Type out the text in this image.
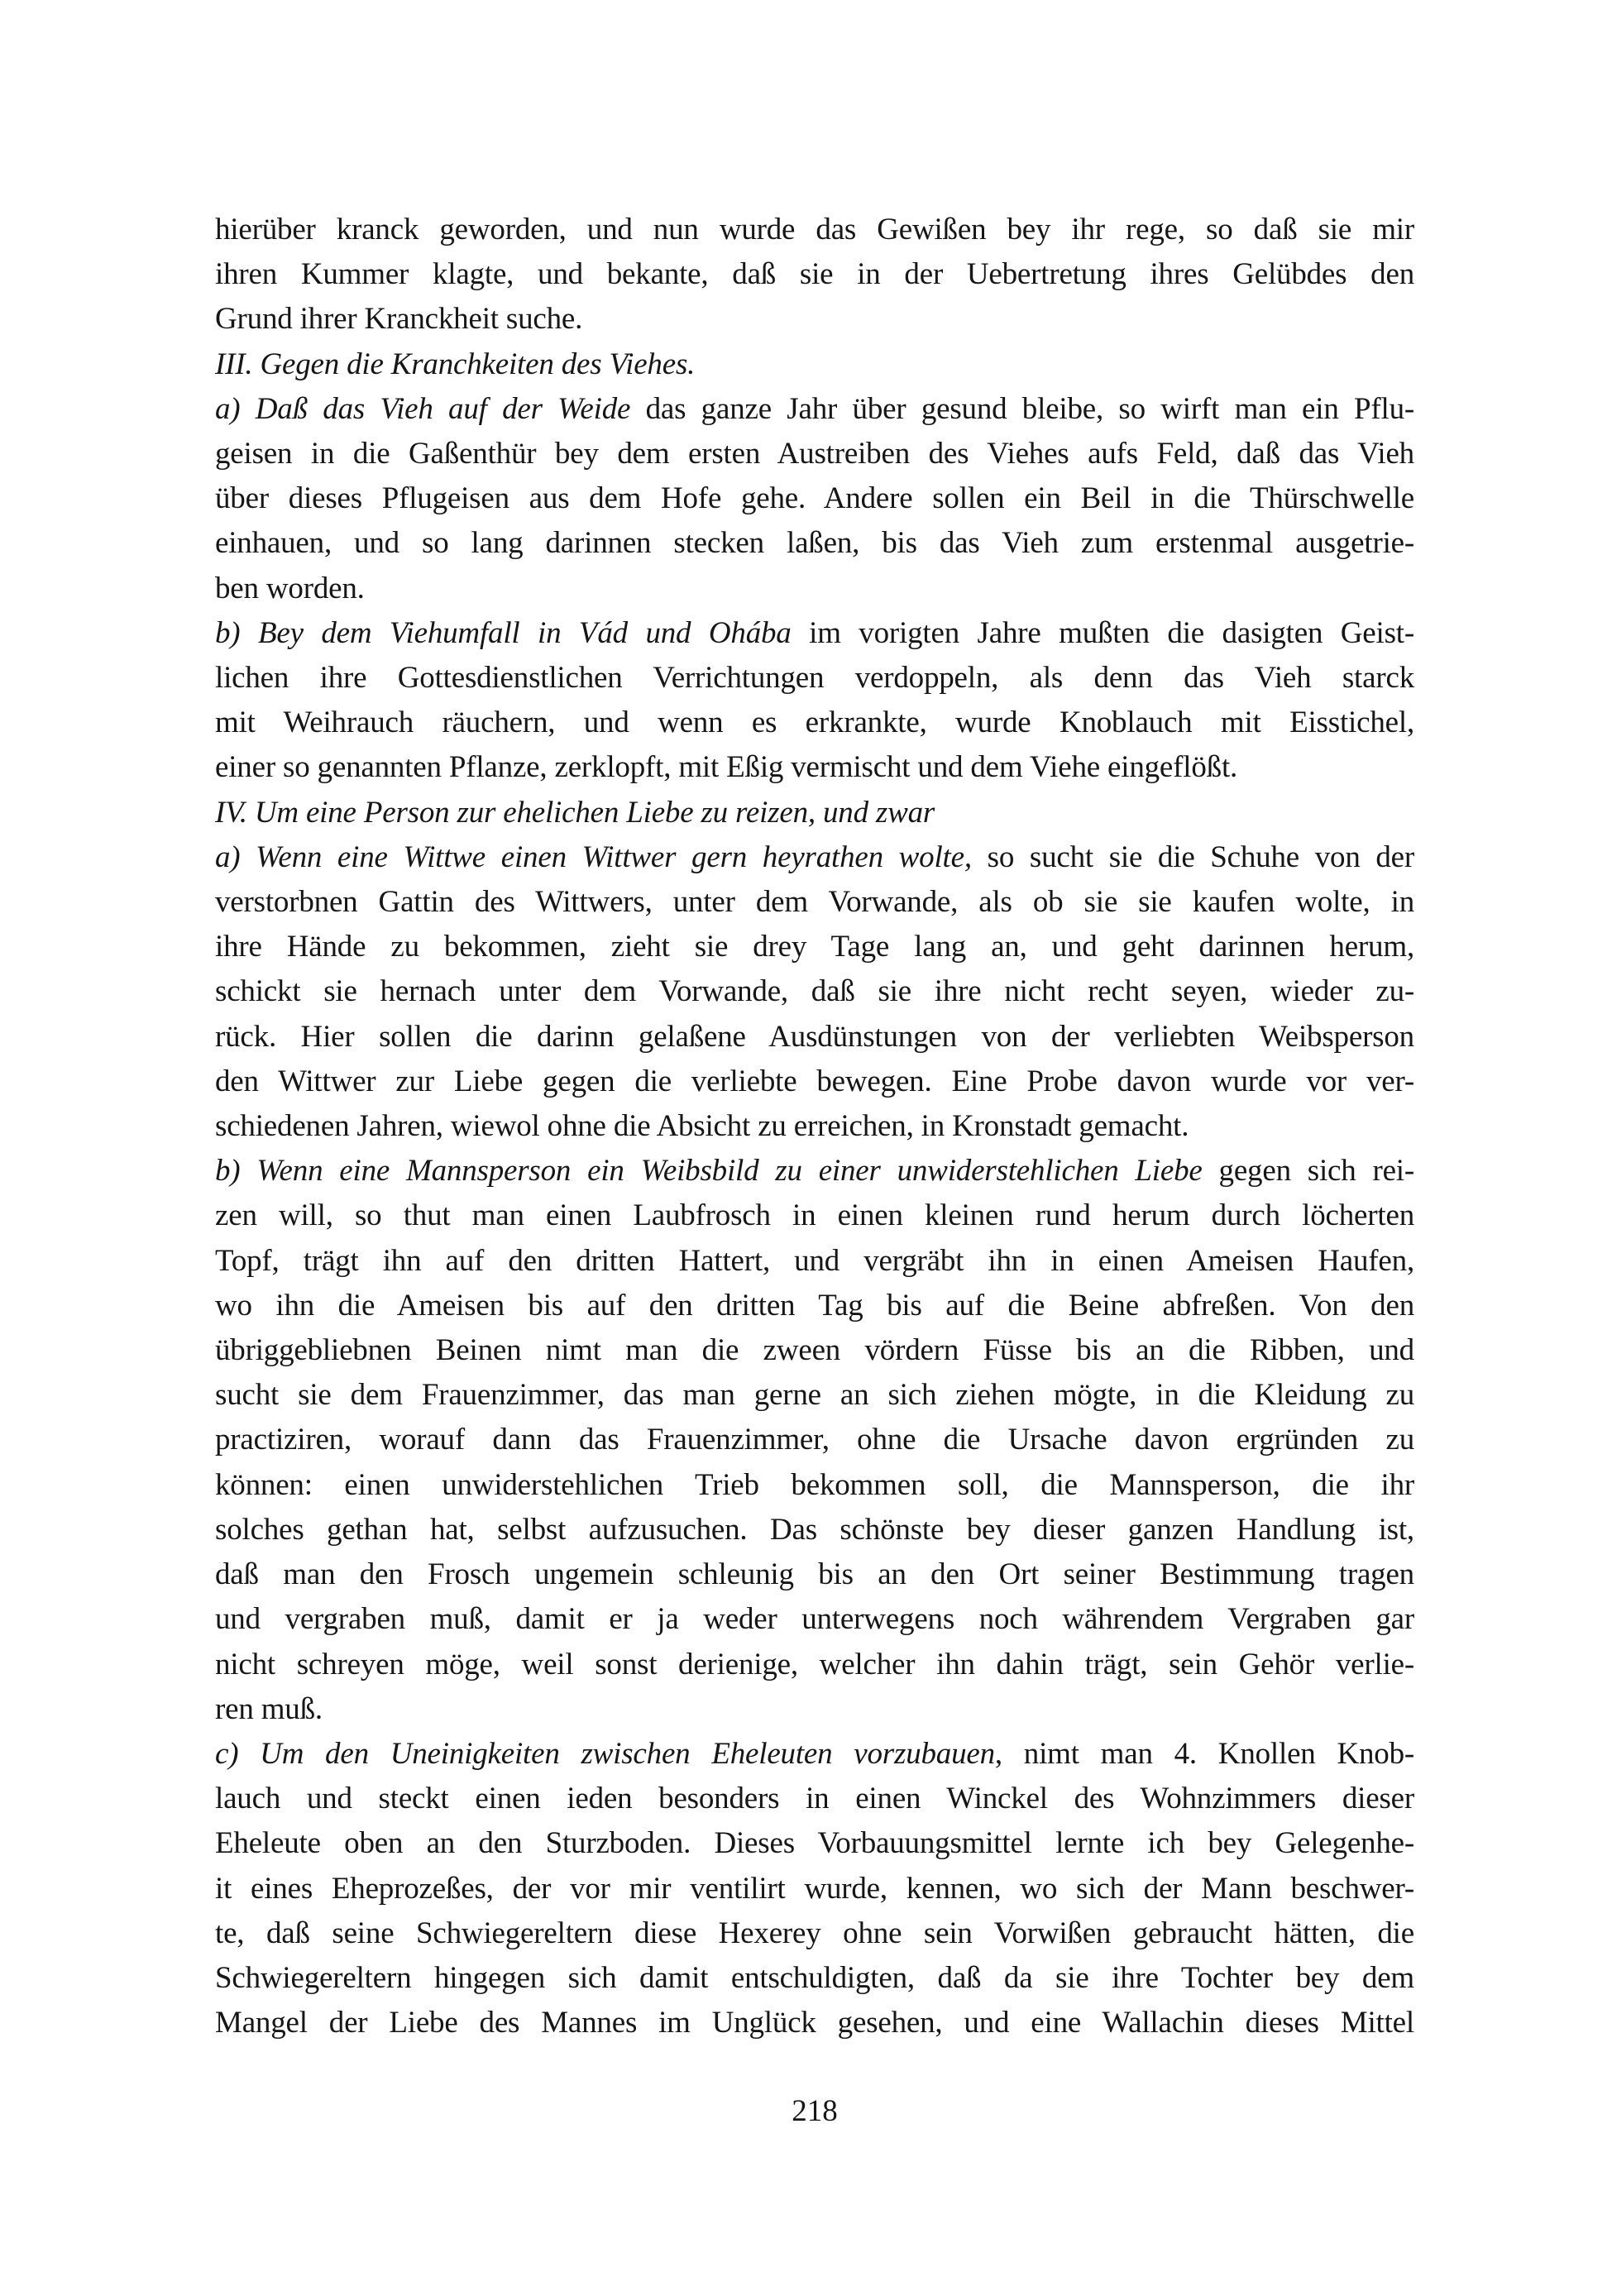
hierüber kranck geworden, und nun wurde das Gewißen bey ihr rege, so daß sie mir
ihren Kummer klagte, und bekante, daß sie in der Uebertretung ihres Gelübdes den
Grund ihrer Kranckheit suche.
III. Gegen die Kranchkeiten des Viehes.
a) Daß das Vieh auf der Weide das ganze Jahr über gesund bleibe, so wirft man ein Pflu-
geisen in die Gaßenthür bey dem ersten Austreiben des Viehes aufs Feld, daß das Vieh
über dieses Pflugeisen aus dem Hofe gehe. Andere sollen ein Beil in die Thürschwelle
einhauen, und so lang darinnen stecken laßen, bis das Vieh zum erstenmal ausgetrie-
ben worden.
b) Bey dem Viehumfall in Vád und Ohába im vorigten Jahre mußten die dasigten Geist-
lichen ihre Gottesdienstlichen Verrichtungen verdoppeln, als denn das Vieh starck
mit Weihrauch räuchern, und wenn es erkrankte, wurde Knoblauch mit Eisstichel,
einer so genannten Pflanze, zerklopft, mit Eßig vermischt und dem Viehe eingeflößt.
IV. Um eine Person zur ehelichen Liebe zu reizen, und zwar
a) Wenn eine Wittwe einen Wittwer gern heyrathen wolte, so sucht sie die Schuhe von der
verstorbnen Gattin des Wittwers, unter dem Vorwande, als ob sie sie kaufen wolte, in
ihre Hände zu bekommen, zieht sie drey Tage lang an, und geht darinnen herum,
schickt sie hernach unter dem Vorwande, daß sie ihre nicht recht seyen, wieder zu-
rück. Hier sollen die darinn gelaßene Ausdünstungen von der verliebten Weibsperson
den Wittwer zur Liebe gegen die verliebte bewegen. Eine Probe davon wurde vor ver-
schiedenen Jahren, wiewol ohne die Absicht zu erreichen, in Kronstadt gemacht.
b) Wenn eine Mannsperson ein Weibsbild zu einer unwiderstehlichen Liebe gegen sich rei-
zen will, so thut man einen Laubfrosch in einen kleinen rund herum durch löcherten
Topf, trägt ihn auf den dritten Hattert, und vergräbt ihn in einen Ameisen Haufen,
wo ihn die Ameisen bis auf den dritten Tag bis auf die Beine abfreßen. Von den
übriggebliebnen Beinen nimt man die zween vördern Füsse bis an die Ribben, und
sucht sie dem Frauenzimmer, das man gerne an sich ziehen mögte, in die Kleidung zu
practiziren, worauf dann das Frauenzimmer, ohne die Ursache davon ergründen zu
können: einen unwiderstehlichen Trieb bekommen soll, die Mannsperson, die ihr
solches gethan hat, selbst aufzusuchen. Das schönste bey dieser ganzen Handlung ist,
daß man den Frosch ungemein schleunig bis an den Ort seiner Bestimmung tragen
und vergraben muß, damit er ja weder unterwegens noch währendem Vergraben gar
nicht schreyen möge, weil sonst derienige, welcher ihn dahin trägt, sein Gehör verlie-
ren muß.
c) Um den Uneinigkeiten zwischen Eheleuten vorzubauen, nimt man 4. Knollen Knob-
lauch und steckt einen ieden besonders in einen Winckel des Wohnzimmers dieser
Eheleute oben an den Sturzboden. Dieses Vorbauungsmittel lernte ich bey Gelegenhe-
it eines Eheprozeßes, der vor mir ventilirt wurde, kennen, wo sich der Mann beschwer-
te, daß seine Schwiegereltern diese Hexerey ohne sein Vorwißen gebraucht hätten, die
Schwiegereltern hingegen sich damit entschuldigten, daß da sie ihre Tochter bey dem
Mangel der Liebe des Mannes im Unglück gesehen, und eine Wallachin dieses Mittel
218
